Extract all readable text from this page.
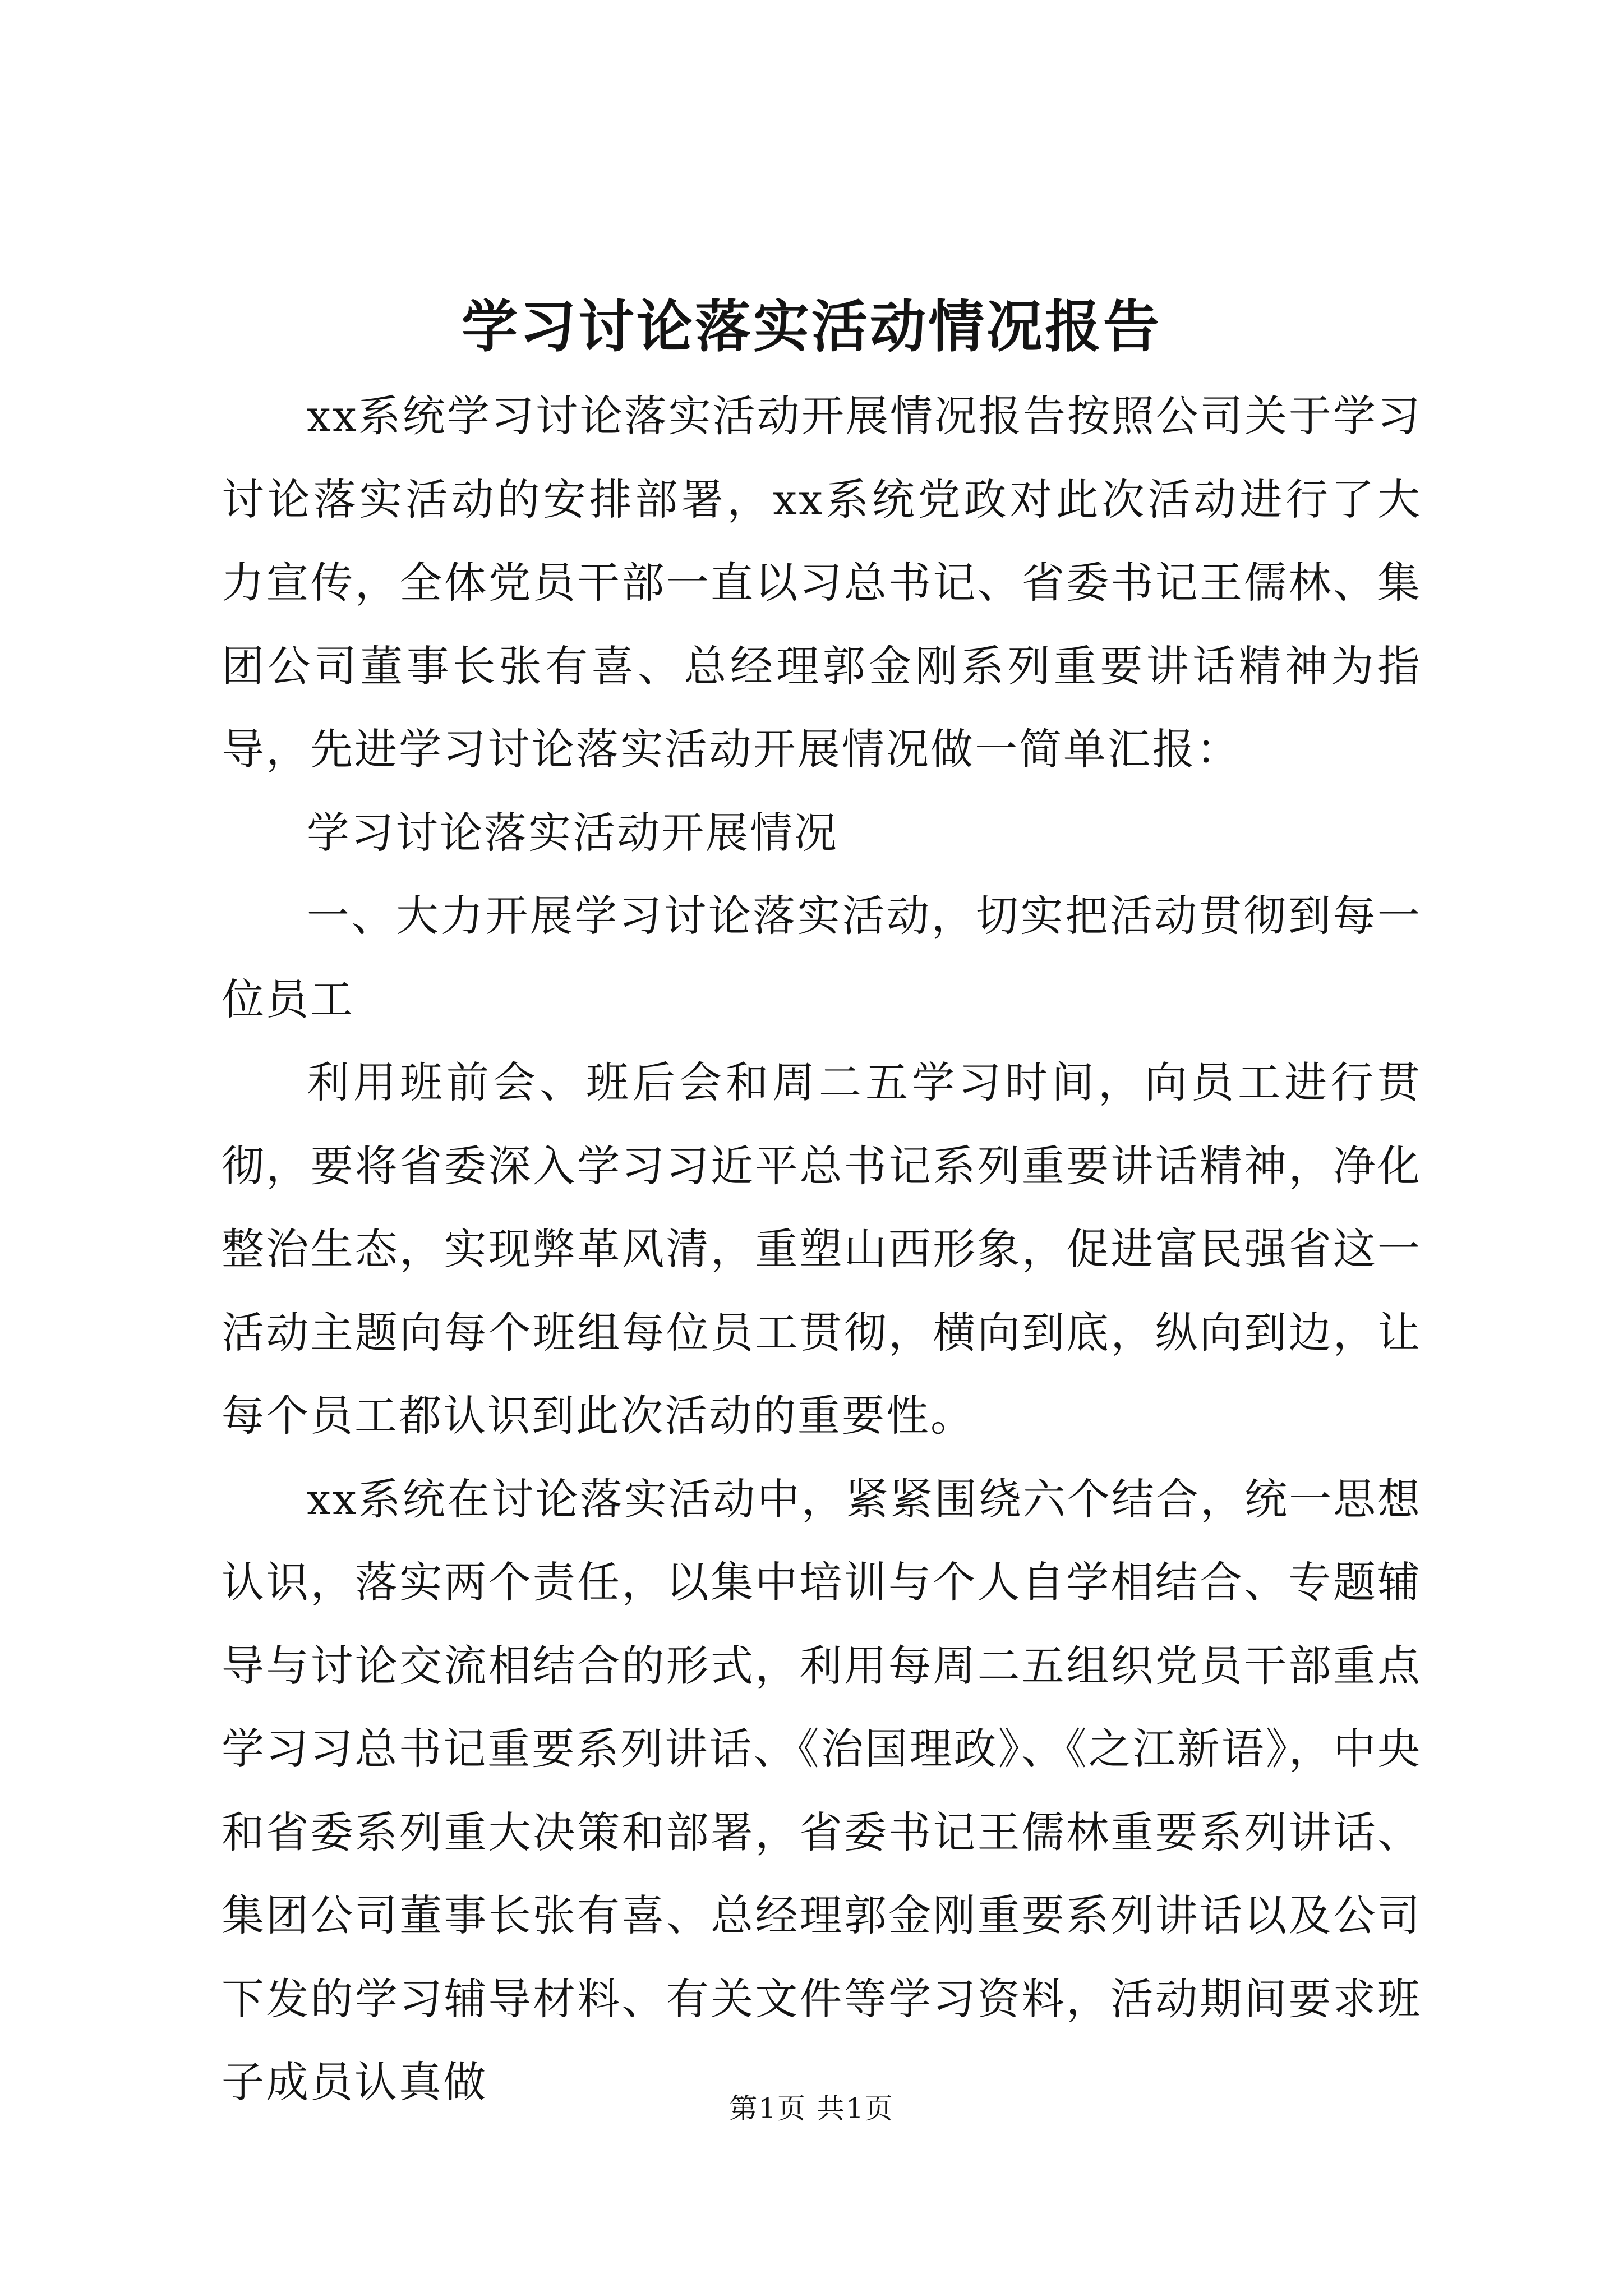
学习讨论落实活动情况报告

xx系统学习讨论落实活动开展情况报告按照公司关于学习讨论落实活动的安排部署，xx系统党政对此次活动进行了大力宣传，全体党员干部一直以习总书记、省委书记王儒林、集团公司董事长张有喜、总经理郭金刚系列重要讲话精神为指导，先进学习讨论落实活动开展情况做一简单汇报：

学习讨论落实活动开展情况

一、大力开展学习讨论落实活动，切实把活动贯彻到每一位员工

利用班前会、班后会和周二五学习时间，向员工进行贯彻，要将省委深入学习习近平总书记系列重要讲话精神，净化整治生态，实现弊革风清，重塑山西形象，促进富民强省这一活动主题向每个班组每位员工贯彻，横向到底，纵向到边，让每个员工都认识到此次活动的重要性。

xx系统在讨论落实活动中，紧紧围绕六个结合，统一思想认识，落实两个责任，以集中培训与个人自学相结合、专题辅导与讨论交流相结合的形式，利用每周二五组织党员干部重点学习习总书记重要系列讲话、《治国理政》、《之江新语》，中央和省委系列重大决策和部署，省委书记王儒林重要系列讲话、集团公司董事长张有喜、总经理郭金刚重要系列讲话以及公司下发的学习辅导材料、有关文件等学习资料，活动期间要求班子成员认真做

第1页 共1页
